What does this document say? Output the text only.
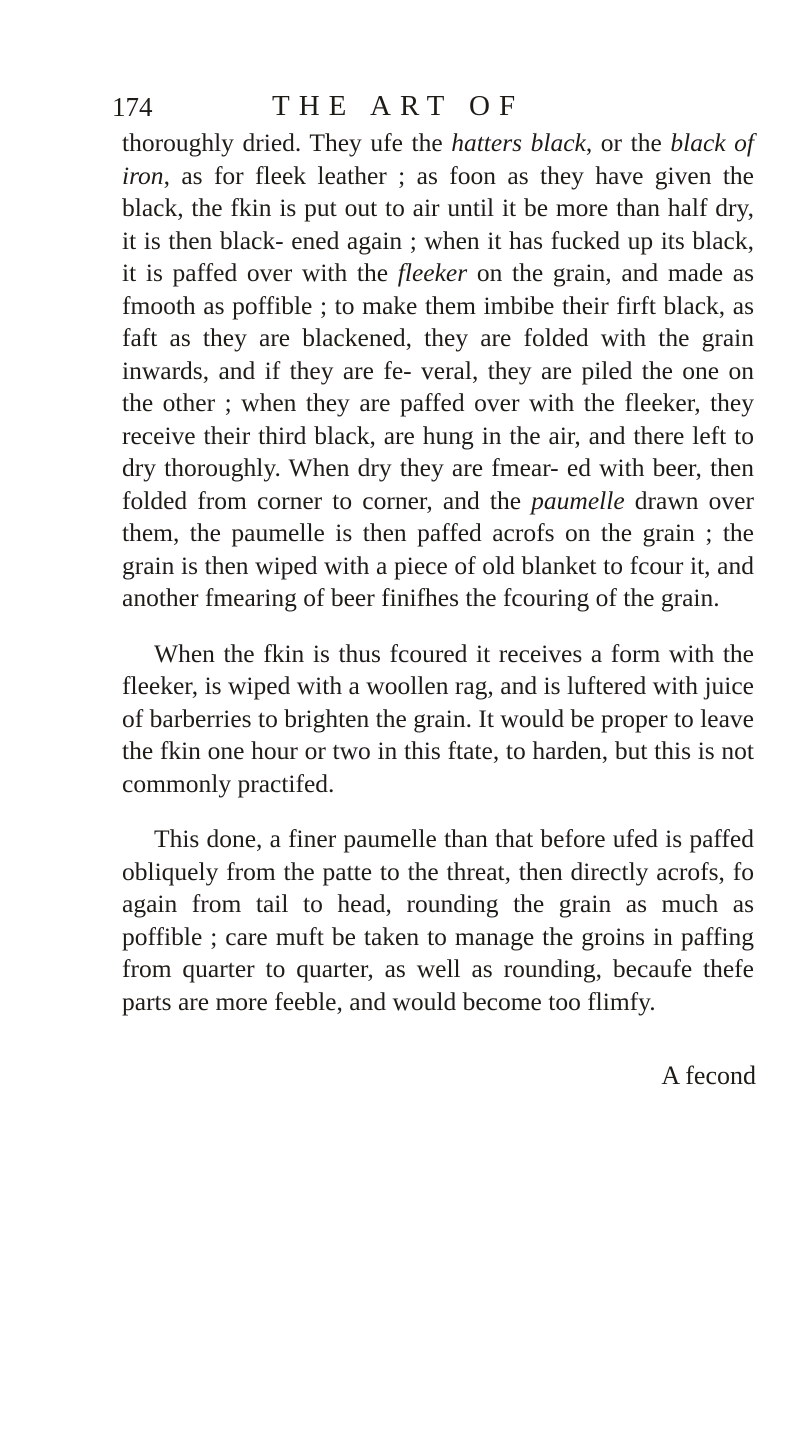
174	THE ART OF

thoroughly dried. They ufe the hatters black, or the black of iron, as for fleek leather ; as foon as they have given the black, the fkin is put out to air until it be more than half dry, it is then black- ened again ; when it has fucked up its black, it is paffed over with the fleeker on the grain, and made as fmooth as poffible ; to make them imbibe their firft black, as faft as they are blackened, they are folded with the grain inwards, and if they are fe- veral, they are piled the one on the other ; when they are paffed over with the fleeker, they receive their third black, are hung in the air, and there left to dry thoroughly. When dry they are fmear- ed with beer, then folded from corner to corner, and the paumelle drawn over them, the paumelle is then paffed acrofs on the grain ; the grain is then wiped with a piece of old blanket to fcour it, and another fmearing of beer finifhes the fcouring of the grain.

When the fkin is thus fcoured it receives a form with the fleeker, is wiped with a woollen rag, and is luftered with juice of barberries to brighten the grain. It would be proper to leave the fkin one hour or two in this ftate, to harden, but this is not commonly practifed.

This done, a finer paumelle than that before ufed is paffed obliquely from the patte to the threat, then directly acrofs, fo again from tail to head, rounding the grain as much as poffible ; care muft be taken to manage the groins in paffing from quarter to quarter, as well as rounding, becaufe thefe parts are more feeble, and would become too flimfy.

A fecond
